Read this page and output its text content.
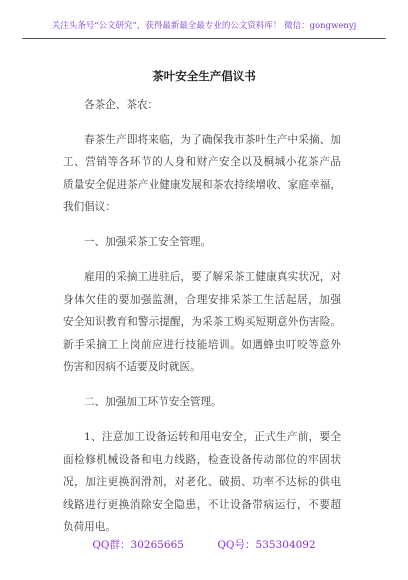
关注头条号“公文研究”，获得最新最全最专业的公文资料库！ 微信：gongwenyj
茶叶安全生产倡议书

各茶企、茶农：

春茶生产即将来临，为了确保我市茶叶生产中采摘、加
工、营销等各环节的人身和财产安全以及桐城小花茶产品
质量安全促进茶产业健康发展和茶农持续增收、家庭幸福，
我们倡议：

一、加强采茶工安全管理。

雇用的采摘工进驻后，要了解采茶工健康真实状况，对
身体欠佳的要加强监测，合理安排采茶工生活起居，加强
安全知识教育和警示提醒，为采茶工购买短期意外伤害险。
新手采摘工上岗前应进行技能培训。如遇蜂虫叮咬等意外
伤害和因病不适要及时就医。

二、加强加工环节安全管理。

1、注意加工设备运转和用电安全，正式生产前，要全
面检修机械设备和电力线路，检查设备传动部位的牢固状
况，加注更换润滑剂，对老化、破损、功率不达标的供电
线路进行更换消除安全隐患，不让设备带病运行，不要超
负荷用电。

QQ群：30265665	QQ号：535304092
